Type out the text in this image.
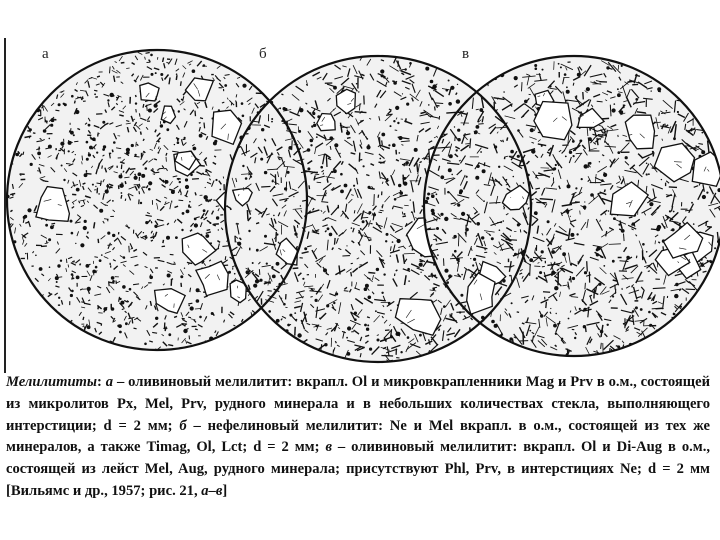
а	б	в
Мелилититы: а – оливиновый мелилитит: вкрапл. Ol и микровкрапленники Mag и Prv в о.м., состоящей из микролитов Px, Mel, Prv, рудного минерала и в небольших количествах стекла, выполняющего интерстиции; d = 2 мм; б – нефелиновый мелилитит: Ne и Mel вкрапл. в о.м., состоящей из тех же минералов, а также Timag, Ol, Lct; d = 2 мм; в – оливиновый мелилитит: вкрапл. Ol и Di-Aug в о.м., состоящей из лейст Mel, Aug, рудного минерала; присутствуют Phl, Prv, в интерстициях Ne; d = 2 мм [Вильямс и др., 1957; рис. 21, а–в]
